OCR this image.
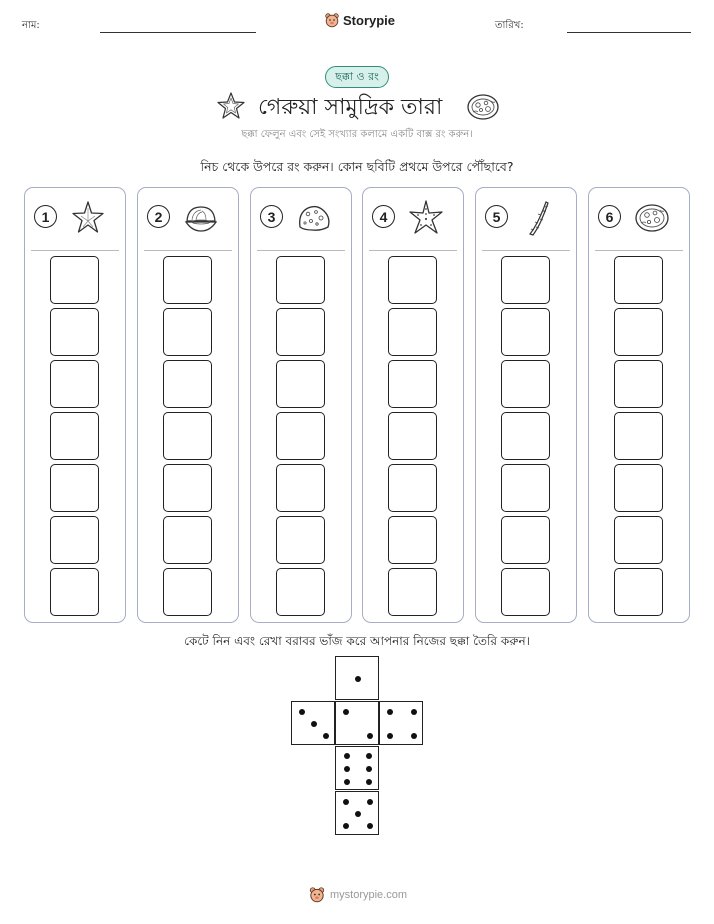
নাম:	Storypie	তারিখ:
ছক্কা ও রং
গেরুয়া সামুদ্রিক তারা
ছক্কা ফেলুন এবং সেই সংখ্যার কলামে একটি বাক্স রং করুন।
নিচ থেকে উপরে রং করুন। কোন ছবিটি প্রথমে উপরে পৌঁছাবে?
1	2	3	4	5	6
কেটে নিন এবং রেখা বরাবর ভাঁজ করে আপনার নিজের ছক্কা তৈরি করুন।
mystorypie.com
